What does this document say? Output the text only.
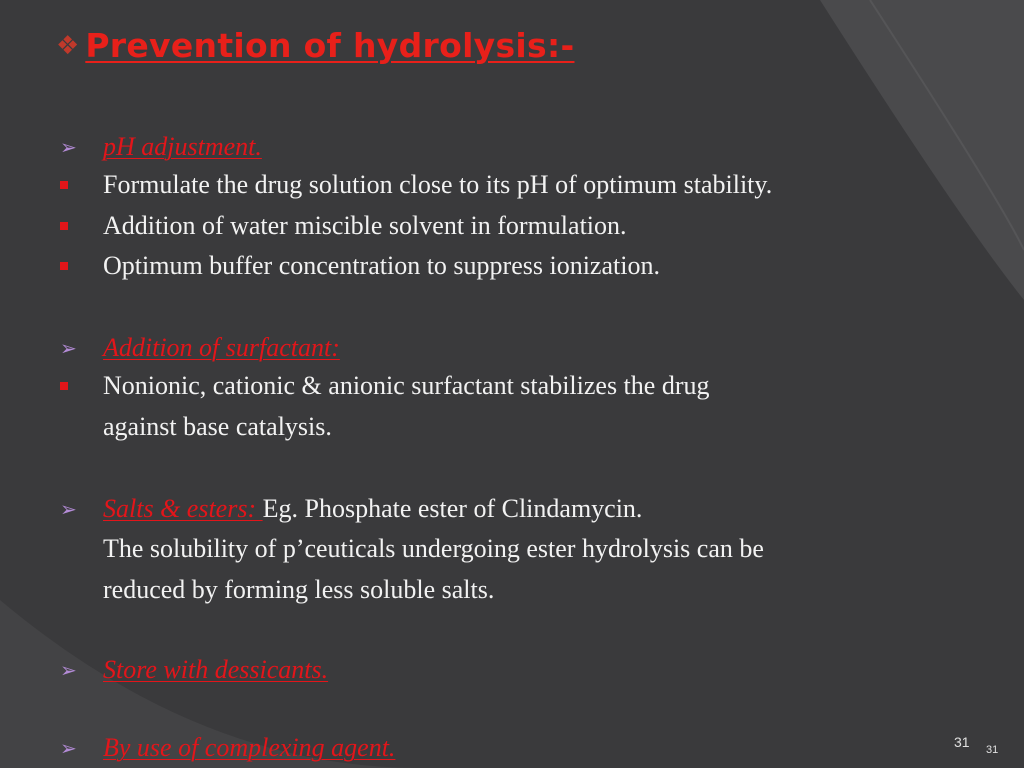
❖ Prevention of hydrolysis:-
➢ pH adjustment.
Formulate the drug solution close to its pH of optimum stability.
Addition of water miscible solvent in formulation.
Optimum buffer concentration to suppress ionization.
➢ Addition of surfactant:
Nonionic, cationic & anionic surfactant stabilizes the drug
against base catalysis.
➢ Salts & esters: Eg. Phosphate ester of Clindamycin.
The solubility of p’ceuticals undergoing ester hydrolysis can be
reduced by forming less soluble salts.
➢ Store with dessicants.
➢ By use of complexing agent.	31 31
